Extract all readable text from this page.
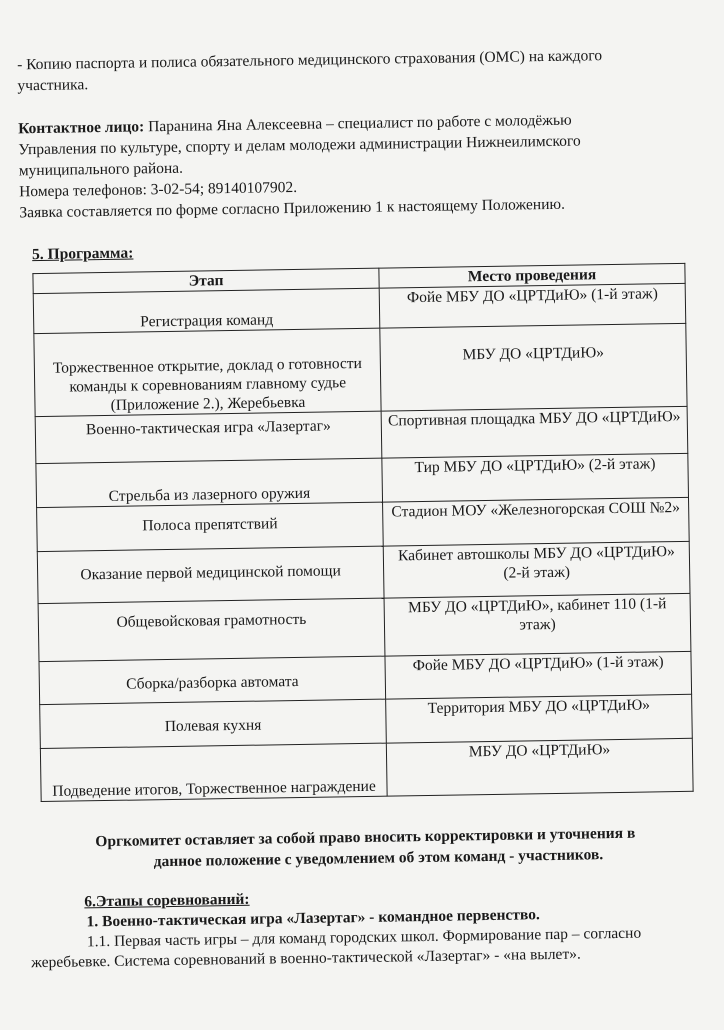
- Копию паспорта и полиса обязательного медицинского страхования (ОМС) на каждого

участника.

Контактное лицо: Паранина Яна Алексеевна – специалист по работе с молодёжью

Управления по культуре, спорту и делам молодежи администрации Нижнеилимского

муниципального района.

Номера телефонов: 3-02-54; 89140107902.

Заявка составляется по форме согласно Приложению 1 к настоящему Положению.

5. Программа:

Этап	Место проведения
Регистрация команд	Фойе МБУ ДО «ЦРТДиЮ» (1-й этаж)
Торжественное открытие, доклад о готовности команды к соревнованиям главному судье (Приложение 2.), Жеребьевка	МБУ ДО «ЦРТДиЮ»
Военно-тактическая игра «Лазертаг»	Спортивная площадка МБУ ДО «ЦРТДиЮ»
Стрельба из лазерного оружия	Тир МБУ ДО «ЦРТДиЮ» (2-й этаж)
Полоса препятствий	Стадион МОУ «Железногорская СОШ №2»
Оказание первой медицинской помощи	Кабинет автошколы МБУ ДО «ЦРТДиЮ» (2-й этаж)
Общевойсковая грамотность	МБУ ДО «ЦРТДиЮ», кабинет 110 (1-й этаж)
Сборка/разборка автомата	Фойе МБУ ДО «ЦРТДиЮ» (1-й этаж)
Полевая кухня	Территория МБУ ДО «ЦРТДиЮ»
Подведение итогов, Торжественное награждение	МБУ ДО «ЦРТДиЮ»

Оргкомитет оставляет за собой право вносить корректировки и уточнения в

данное положение с уведомлением об этом команд - участников.

6.Этапы соревнований:

1. Военно-тактическая игра «Лазертаг» - командное первенство.

1.1. Первая часть игры – для команд городских школ. Формирование пар – согласно

жеребьевке. Система соревнований в военно-тактической «Лазертаг» - «на вылет».
